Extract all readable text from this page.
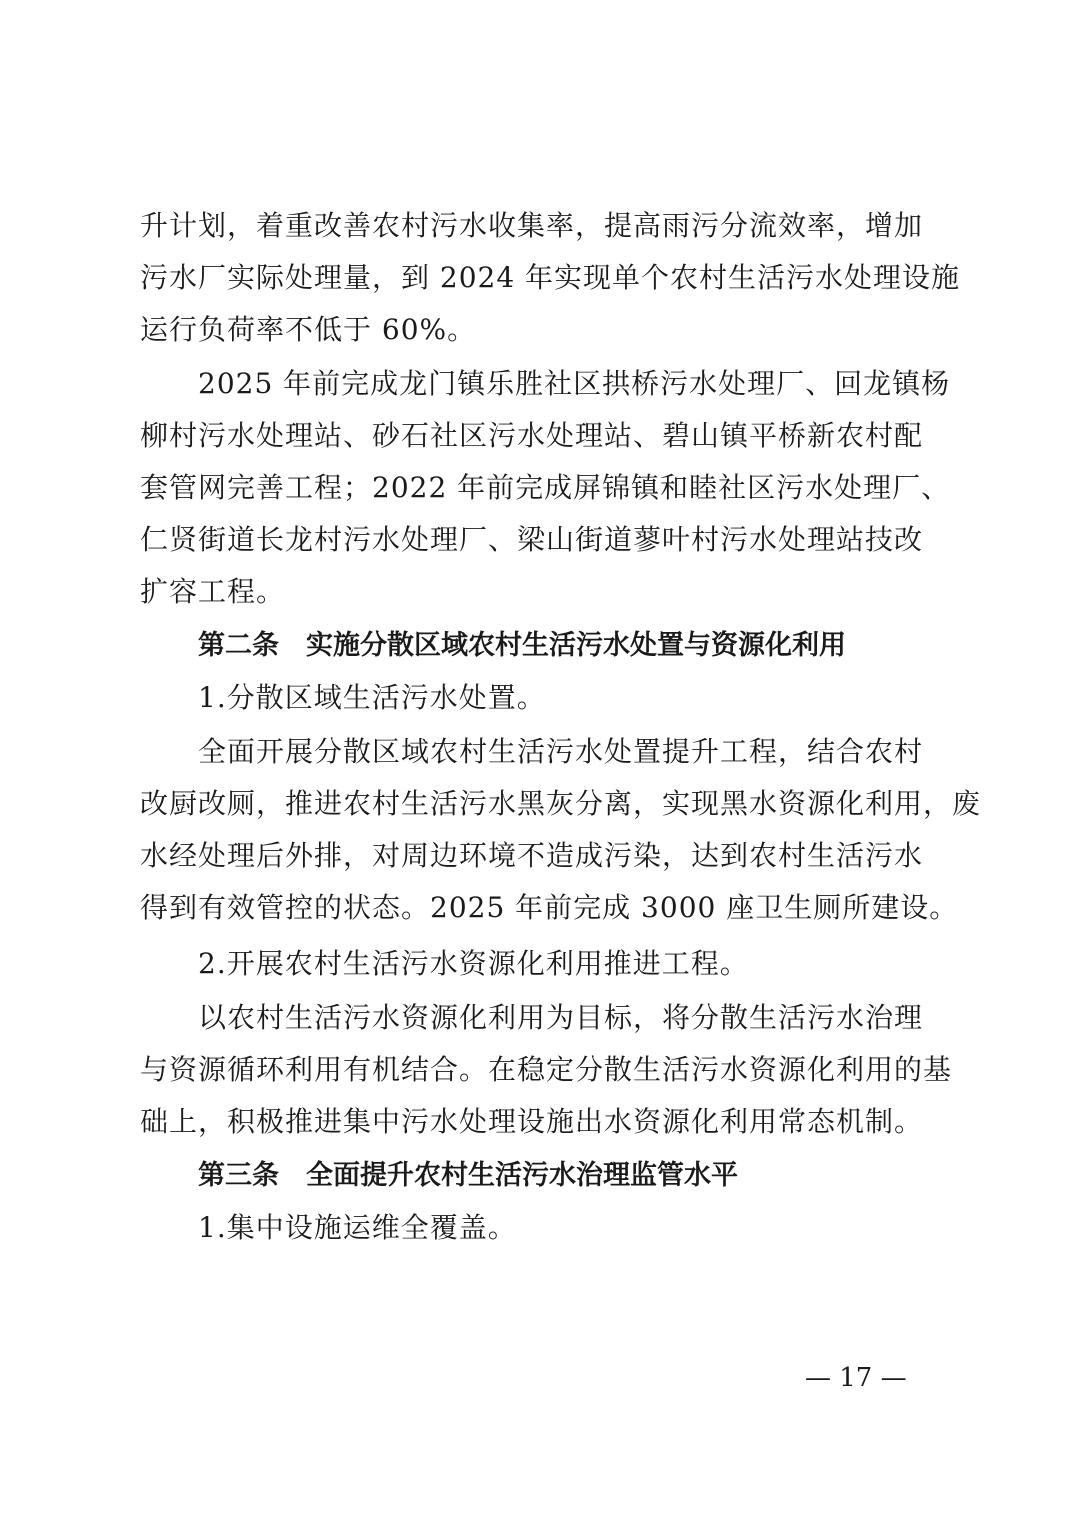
升计划，着重改善农村污水收集率，提高雨污分流效率，增加
污水厂实际处理量，到 2024 年实现单个农村生活污水处理设施
运行负荷率不低于 60%。
2025 年前完成龙门镇乐胜社区拱桥污水处理厂、回龙镇杨
柳村污水处理站、砂石社区污水处理站、碧山镇平桥新农村配
套管网完善工程；2022 年前完成屏锦镇和睦社区污水处理厂、
仁贤街道长龙村污水处理厂、梁山街道蓼叶村污水处理站技改
扩容工程。
第二条　实施分散区域农村生活污水处置与资源化利用
1.分散区域生活污水处置。
全面开展分散区域农村生活污水处置提升工程，结合农村
改厨改厕，推进农村生活污水黑灰分离，实现黑水资源化利用，废
水经处理后外排，对周边环境不造成污染，达到农村生活污水
得到有效管控的状态。2025 年前完成 3000 座卫生厕所建设。
2.开展农村生活污水资源化利用推进工程。
以农村生活污水资源化利用为目标，将分散生活污水治理
与资源循环利用有机结合。在稳定分散生活污水资源化利用的基
础上，积极推进集中污水处理设施出水资源化利用常态机制。
第三条　全面提升农村生活污水治理监管水平
1.集中设施运维全覆盖。
— 17 —
